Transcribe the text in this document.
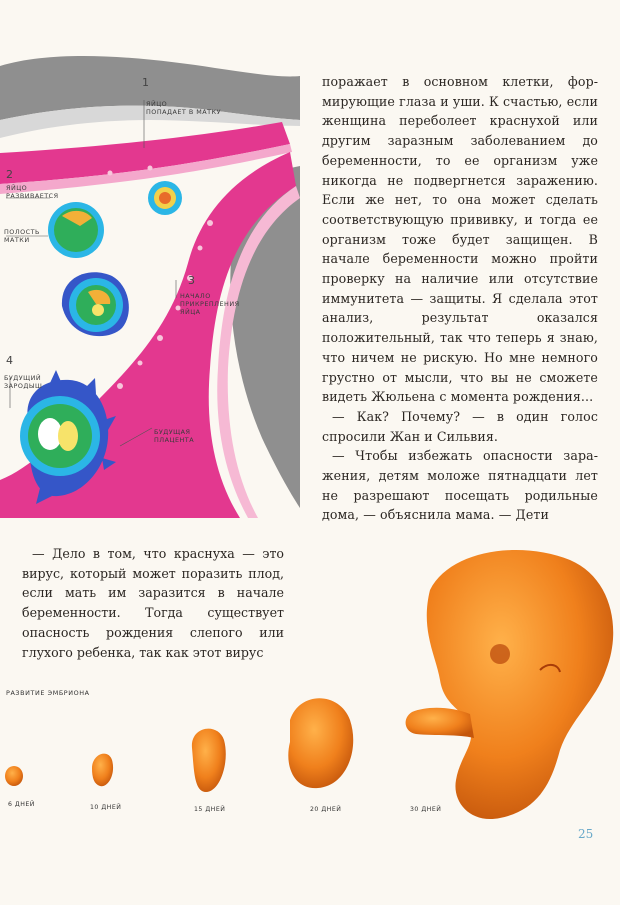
1
ЯЙЦО
ПОПАДАЕТ В МАТКУ
2
ЯЙЦО
РАЗВИВАЕТСЯ
ПОЛОСТЬ
МАТКИ
3
НАЧАЛО
ПРИКРЕПЛЕНИЯ
ЯЙЦА
4
БУДУЩИЙ
ЗАРОДЫШ
БУДУЩАЯ
ПЛАЦЕНТА

поражает в основном клетки, формирующие глаза и уши. К счастью, если женщина переболеет краснухой или другим заразным заболеванием до беременности, то ее организм уже никогда не подвергнется заражению. Если же нет, то она может сделать соответствующую прививку, и тогда ее организм тоже будет защищен. В начале беременности можно пройти проверку на наличие или отсутствие иммунитета — защиты. Я сделала этот анализ, результат оказался положительный, так что теперь я знаю, что ничем не рискую. Но мне немного грустно от мысли, что вы не сможете видеть Жюльена с момента рождения...

— Как? Почему? — в один голос спросили Жан и Сильвия.

— Чтобы избежать опасности заражения, детям моложе пятнадцати лет не разрешают посещать родильные дома, — объяснила мама. — Дети

— Дело в том, что краснуха — это вирус, который может поразить плод, если мать им заразится в начале беременности. Тогда существует опасность рождения слепого или глухого ребенка, так как этот вирус

РАЗВИТИЕ ЭМБРИОНА
6 ДНЕЙ	10 ДНЕЙ	15 ДНЕЙ	20 ДНЕЙ	30 ДНЕЙ
25
